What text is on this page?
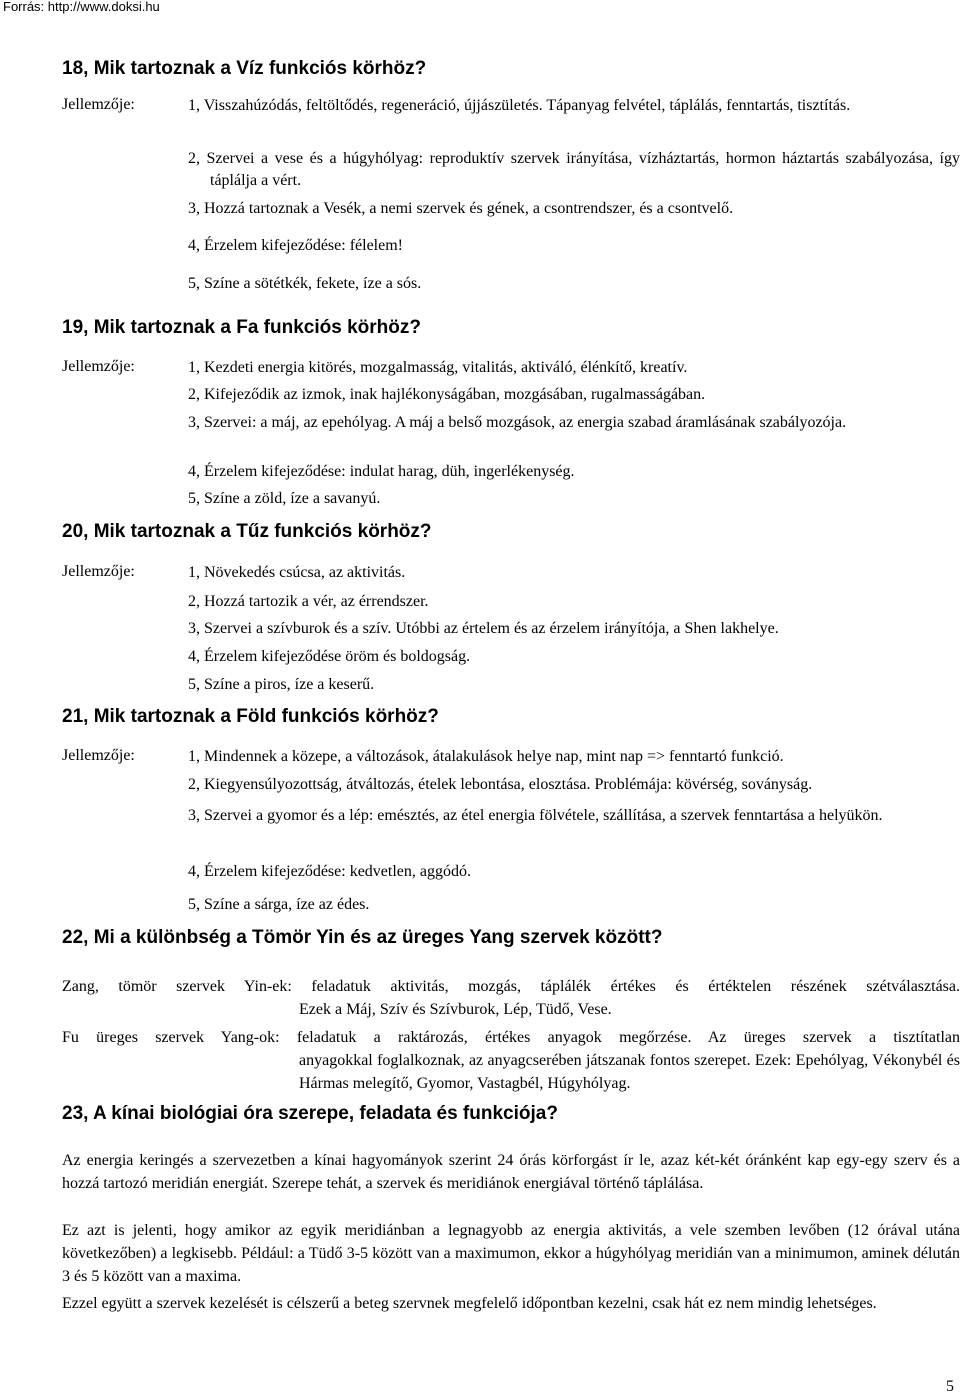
Forrás: http://www.doksi.hu
18, Mik tartoznak a Víz funkciós körhöz?
Jellemzője:	1, Visszahúzódás, feltöltődés, regeneráció, újjászületés. Tápanyag felvétel, táplálás, fenntartás, tisztítás.
2, Szervei a vese és a húgyhólyag: reproduktív szervek irányítása, vízháztartás, hormon háztartás szabályozása, így táplálja a vért.
3, Hozzá tartoznak a Vesék, a nemi szervek és gének, a csontrendszer, és a csontvelő.
4, Érzelem kifejeződése: félelem!
5, Színe a sötétkék, fekete, íze a sós.
19, Mik tartoznak a Fa funkciós körhöz?
Jellemzője:	1, Kezdeti energia kitörés, mozgalmasság, vitalitás, aktiváló, élénkítő, kreatív.
2, Kifejeződik az izmok, inak hajlékonyságában, mozgásában, rugalmasságában.
3, Szervei: a máj, az epehólyag. A máj a belső mozgások, az energia szabad áramlásának szabályozója.
4, Érzelem kifejeződése: indulat harag, düh, ingerlékenység.
5, Színe a zöld, íze a savanyú.
20, Mik tartoznak a Tűz funkciós körhöz?
Jellemzője:	1, Növekedés csúcsa, az aktivitás.
2, Hozzá tartozik a vér, az érrendszer.
3, Szervei a szívburok és a szív. Utóbbi az értelem és az érzelem irányítója, a Shen lakhelye.
4, Érzelem kifejeződése öröm és boldogság.
5, Színe a piros, íze a keserű.
21, Mik tartoznak a Föld funkciós körhöz?
Jellemzője:	1, Mindennek a közepe, a változások, átalakulások helye nap, mint nap => fenntartó funkció.
2, Kiegyensúlyozottság, átváltozás, ételek lebontása, elosztása. Problémája: kövérség, soványság.
3, Szervei a gyomor és a lép: emésztés, az étel energia fölvétele, szállítása, a szervek fenntartása a helyükön.
4, Érzelem kifejeződése: kedvetlen, aggódó.
5, Színe a sárga, íze az édes.
22, Mi a különbség a Tömör Yin és az üreges Yang szervek között?
Zang, tömör szervek Yin-ek: feladatuk aktivitás, mozgás, táplálék értékes és értéktelen részének szétválasztása.
Ezek a Máj, Szív és Szívburok, Lép, Tüdő, Vese.
Fu üreges szervek Yang-ok: feladatuk a raktározás, értékes anyagok megőrzése. Az üreges szervek a tisztítatlan
anyagokkal foglalkoznak, az anyagcserében játszanak fontos szerepet. Ezek: Epehólyag, Vékonybél és Hármas melegítő, Gyomor, Vastagbél, Húgyhólyag.
23, A kínai biológiai óra szerepe, feladata és funkciója?
Az energia keringés a szervezetben a kínai hagyományok szerint 24 órás körforgást ír le, azaz két-két óránként kap egy-egy szerv és a hozzá tartozó meridián energiát. Szerepe tehát, a szervek és meridiánok energiával történő táplálása.
Ez azt is jelenti, hogy amikor az egyik meridiánban a legnagyobb az energia aktivitás, a vele szemben levőben (12 órával utána következőben) a legkisebb. Például: a Tüdő 3-5 között van a maximumon, ekkor a húgyhólyag meridián van a minimumon, aminek délután 3 és 5 között van a maxima.
Ezzel együtt a szervek kezelését is célszerű a beteg szervnek megfelelő időpontban kezelni, csak hát ez nem mindig lehetséges.
5
